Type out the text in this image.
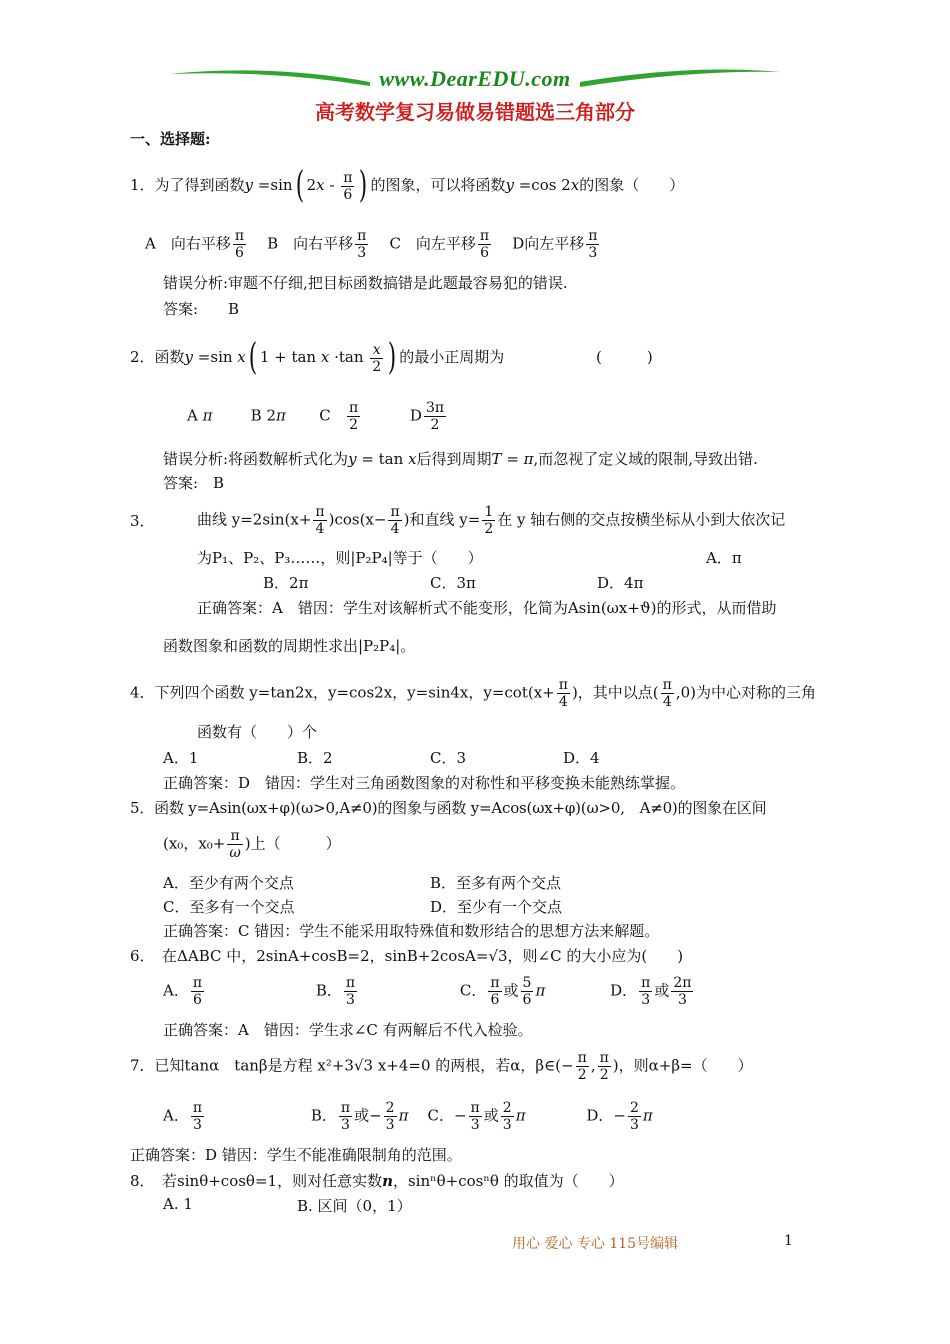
www.DearEDU.com
高考数学复习易做易错题选三角部分
一、选择题:
1．为了得到函数y =sin( $2x - \frac{\pi}{6}$ ) 的图象，可以将函数y =cos 2x的图象（　　）
A　向右平移 $\frac{\pi}{6}$ B　向右平移 $\frac{\pi}{3}$ C　向左平移 $\frac{\pi}{6}$ D向左平移 $\frac{\pi}{3}$
错误分析:审题不仔细,把目标函数搞错是此题最容易犯的错误.
答案:　　B
2．函数y =sin x( $1 + \tan x \cdot\tan \frac{x}{2}$ ) 的最小正周期为	(　　　)
A π	B 2π C $\frac{\pi}{2}$	D $\frac{3\pi}{2}$
错误分析:将函数解析式化为y = tan x后得到周期T = π,而忽视了定义域的限制,导致出错.
答案:　B
3．	曲线 $y=2\sin(x+ \frac{\pi}{4} )\cos(x- \frac{\pi}{4}$ )和直线 $y= \frac{1}{2}$ 在 y 轴右侧的交点按横坐标从小到大依次记
为P₁、P₂、P₃……，则|P₂P₄|等于（　　）	A．π
B．2π	C．3π	D．4π
正确答案：A　错因：学生对该解析式不能变形，化简为Asin(ωx+ϑ)的形式，从而借助
函数图象和函数的周期性求出|P₂P₄|。
4．下列四个函数 y=tan2x，y=cos2x，y=sin4x，$y=\cot(x+ \frac{\pi}{4}$ )，其中以点( $\frac{\pi}{4} ,0$)为中心对称的三角
函数有（　　）个
A．1	B．2	C．3	D．4
正确答案：D　错因：学生对三角函数图象的对称性和平移变换未能熟练掌握。
5．函数 y=Asin(ωx+φ)(ω>0,A≠0)的图象与函数 y=Acos(ωx+φ)(ω>0,　A≠0)的图象在区间
(x₀，$x_0+ \frac{\pi}{\omega}$ )上（　　　）
A．至少有两个交点	B．至多有两个交点
C．至多有一个交点	D．至少有一个交点
正确答案：C 错因：学生不能采用取特殊值和数形结合的思想方法来解题。
6．　在ΔABC 中，2sinA+cosB=2，sinB+2cosA=√3，则∠C 的大小应为(　　)
A． $\frac{\pi}{6}$	B． $\frac{\pi}{3}$	C． $\frac{\pi}{6}$ 或 $\frac{5}{6}$ π	D． $\frac{\pi}{3}$ 或 $\frac{2\pi}{3}$
正确答案：A　错因：学生求∠C 有两解后不代入检验。
7．已知tanα　tanβ是方程 x²+3√3 x+4=0 的两根，若α，β∈(− $\frac{\pi}{2}$ , $\frac{\pi}{2}$ )，则α+β=（　　）
A． $\frac{\pi}{3}$	B． $\frac{\pi}{3}$ 或− $\frac{2}{3}$ π C．− $\frac{\pi}{3}$ 或 $\frac{2}{3}$ π	D．− $\frac{2}{3}$ π
正确答案：D 错因：学生不能准确限制角的范围。
8．　若sinθ+cosθ=1，则对任意实数n，sinⁿθ+cosⁿθ 的取值为（　　）
A. 1	B. 区间（0，1）
用心 爱心 专心 115号编辑	1
